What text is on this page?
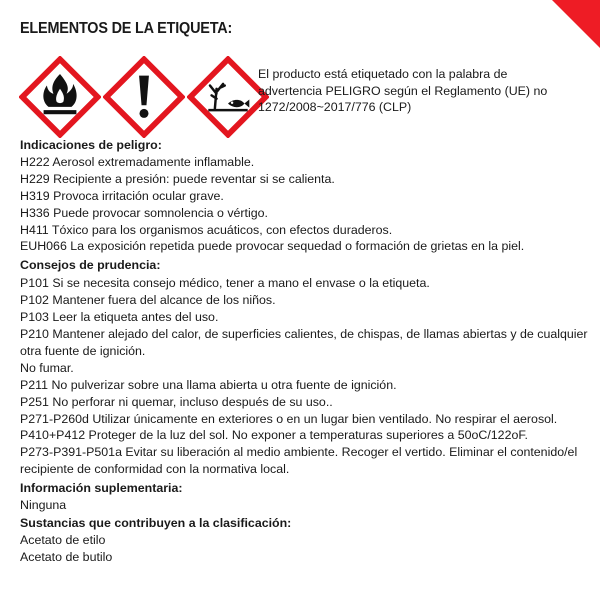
ELEMENTOS DE LA ETIQUETA:
El producto está etiquetado con la palabra de advertencia PELIGRO según el Reglamento (UE) no 1272/2008~2017/776 (CLP)

Indicaciones de peligro:

H222 Aerosol extremadamente inflamable.

H229 Recipiente a presión: puede reventar si se calienta.

H319 Provoca irritación ocular grave.

H336 Puede provocar somnolencia o vértigo.

H411 Tóxico para los organismos acuáticos, con efectos duraderos.

EUH066 La exposición repetida puede provocar sequedad o formación de grietas en la piel.

Consejos de prudencia:

P101 Si se necesita consejo médico, tener a mano el envase o la etiqueta.

P102 Mantener fuera del alcance de los niños.

P103 Leer la etiqueta antes del uso.

P210 Mantener alejado del calor, de superficies calientes, de chispas, de llamas abiertas y de cualquier otra fuente de ignición.

No fumar.

P211 No pulverizar sobre una llama abierta u otra fuente de ignición.

P251 No perforar ni quemar, incluso después de su uso..

P271-P260d Utilizar únicamente en exteriores o en un lugar bien ventilado. No respirar el aerosol.

P410+P412 Proteger de la luz del sol. No exponer a temperaturas superiores a 50oC/122oF.

P273-P391-P501a Evitar su liberación al medio ambiente. Recoger el vertido. Eliminar el contenido/el recipiente de conformidad con la normativa local.

Información suplementaria:

Ninguna

Sustancias que contribuyen a la clasificación:

Acetato de etilo

Acetato de butilo
